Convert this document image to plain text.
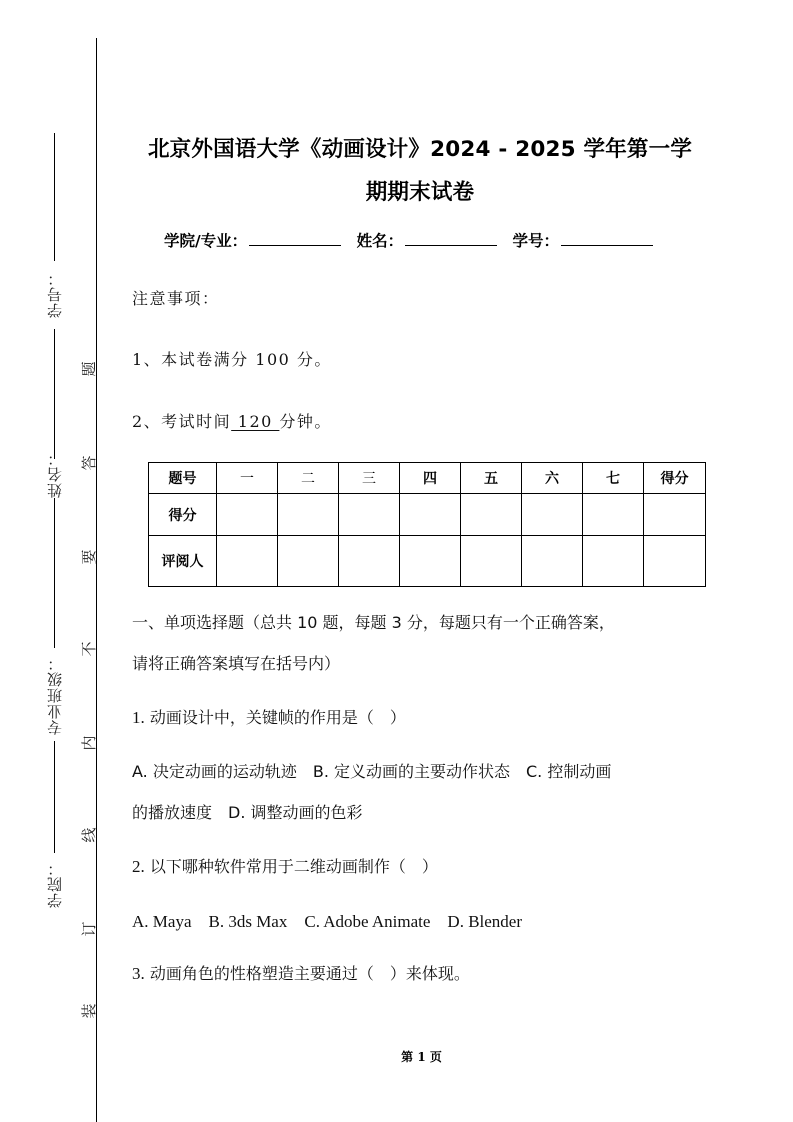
学号：
姓名：
专业班级：
学院：
题
答
要
不
内
线
订
装
北京外国语大学《动画设计》2024 - 2025 学年第一学
期期末试卷
学院/专业：	姓名：	学号：
注意事项：
1、本试卷满分 100 分。
2、考试时间 120 分钟。
题号	一	二	三	四	五	六	七	得分
得分								
评阅人								
一、单项选择题（总共 10 题，每题 3 分，每题只有一个正确答案，
请将正确答案填写在括号内）
1. 动画设计中，关键帧的作用是（　）
A. 决定动画的运动轨迹　B. 定义动画的主要动作状态　C. 控制动画
的播放速度　D. 调整动画的色彩
2. 以下哪种软件常用于二维动画制作（　）
A. Maya　B. 3ds Max　C. Adobe Animate　D. Blender
3. 动画角色的性格塑造主要通过（　）来体现。
第 1 页
